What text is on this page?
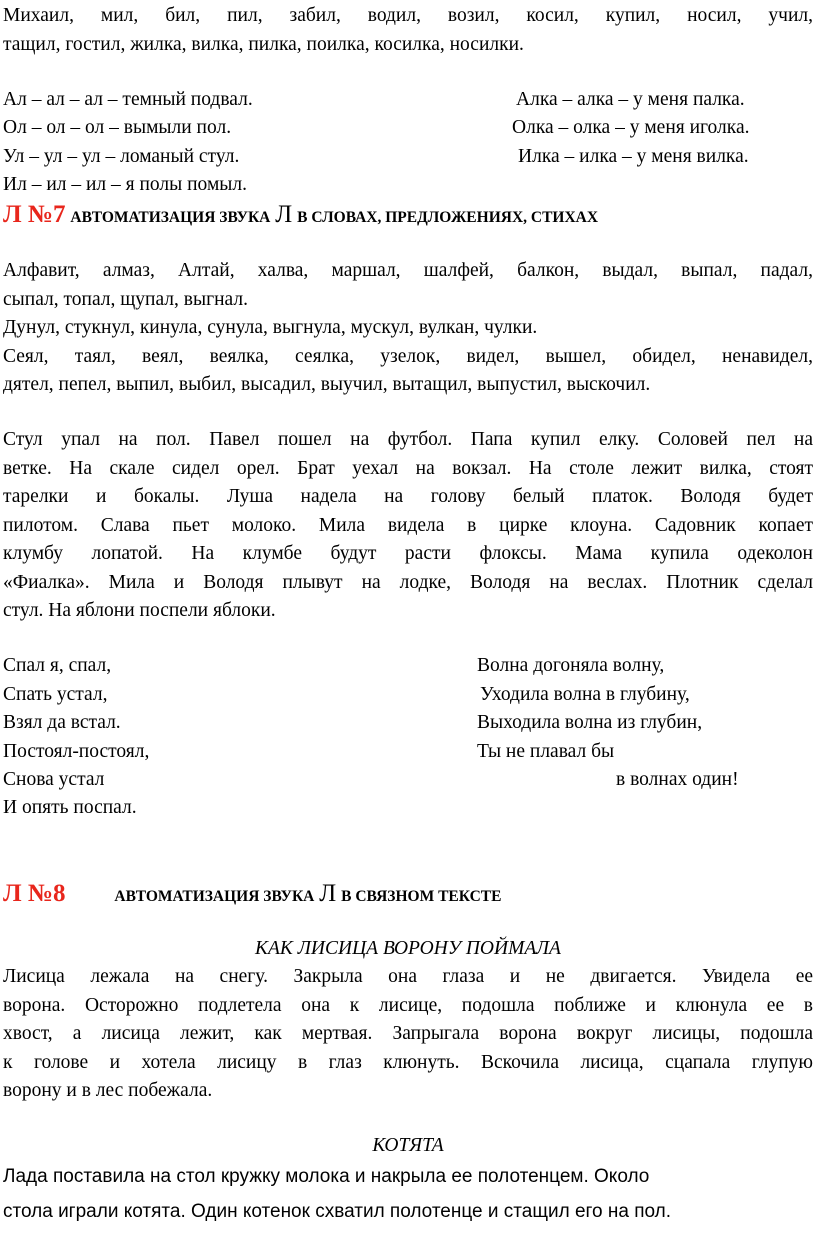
Михаил, мил, бил, пил, забил, водил, возил, косил, купил, носил, учил,
тащил, гостил, жилка, вилка, пилка, поилка, косилка, носилки.
Ал – ал – ал – темный подвал.
Ол – ол – ол – вымыли пол.
Ул – ул – ул – ломаный стул.
Ил – ил – ил – я полы помыл.
Алка – алка – у меня палка.
Олка – олка – у меня иголка.
Илка – илка – у меня вилка.
Л №7 АВТОМАТИЗАЦИЯ ЗВУКА Л В СЛОВАХ, ПРЕДЛОЖЕНИЯХ, СТИХАХ
Алфавит, алмаз, Алтай, халва, маршал, шалфей, балкон, выдал, выпал, падал,
сыпал, топал, щупал, выгнал.
Дунул, стукнул, кинула, сунула, выгнула, мускул, вулкан, чулки.
Сеял, таял, веял, веялка, сеялка, узелок, видел, вышел, обидел, ненавидел,
дятел, пепел, выпил, выбил, высадил, выучил, вытащил, выпустил, выскочил.
Стул упал на пол. Павел пошел на футбол. Папа купил елку. Соловей пел на
ветке. На скале сидел орел. Брат уехал на вокзал. На столе лежит вилка, стоят
тарелки и бокалы. Луша надела на голову белый платок. Володя будет
пилотом. Слава пьет молоко. Мила видела в цирке клоуна. Садовник копает
клумбу лопатой. На клумбе будут расти флоксы. Мама купила одеколон
«Фиалка». Мила и Володя плывут на лодке, Володя на веслах. Плотник сделал
стул. На яблони поспели яблоки.
Спал я, спал,
Спать устал,
Взял да встал.
Постоял-постоял,
Снова устал
И опять поспал.
Волна догоняла волну,
Уходила волна в глубину,
Выходила волна из глубин,
Ты не плавал бы
в волнах один!
Л №8	АВТОМАТИЗАЦИЯ ЗВУКА Л В СВЯЗНОМ ТЕКСТЕ
КАК ЛИСИЦА ВОРОНУ ПОЙМАЛА
Лисица лежала на снегу. Закрыла она глаза и не двигается. Увидела ее
ворона. Осторожно подлетела она к лисице, подошла поближе и клюнула ее в
хвост, а лисица лежит, как мертвая. Запрыгала ворона вокруг лисицы, подошла
к голове и хотела лисицу в глаз клюнуть. Вскочила лисица, сцапала глупую
ворону и в лес побежала.
КОТЯТА
Лада поставила на стол кружку молока и накрыла ее полотенцем. Около
стола играли котята. Один котенок схватил полотенце и стащил его на пол.
